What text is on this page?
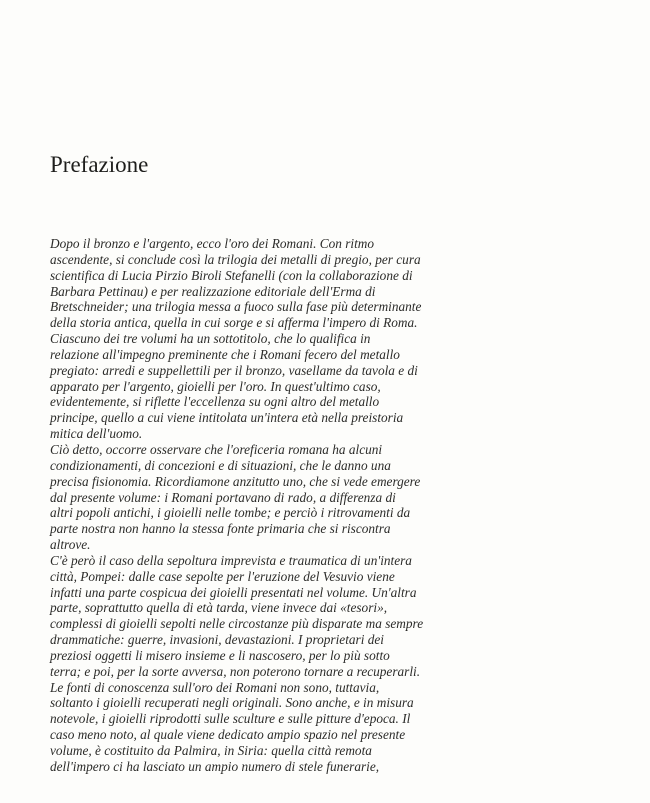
Prefazione
Dopo il bronzo e l'argento, ecco l'oro dei Romani. Con ritmo
ascendente, si conclude così la trilogia dei metalli di pregio, per cura
scientifica di Lucia Pirzio Biroli Stefanelli (con la collaborazione di
Barbara Pettinau) e per realizzazione editoriale dell'Erma di
Bretschneider; una trilogia messa a fuoco sulla fase più determinante
della storia antica, quella in cui sorge e si afferma l'impero di Roma.
Ciascuno dei tre volumi ha un sottotitolo, che lo qualifica in
relazione all'impegno preminente che i Romani fecero del metallo
pregiato: arredi e suppellettili per il bronzo, vasellame da tavola e di
apparato per l'argento, gioielli per l'oro. In quest'ultimo caso,
evidentemente, si riflette l'eccellenza su ogni altro del metallo
principe, quello a cui viene intitolata un'intera età nella preistoria
mitica dell'uomo.
Ciò detto, occorre osservare che l'oreficeria romana ha alcuni
condizionamenti, di concezioni e di situazioni, che le danno una
precisa fisionomia. Ricordiamone anzitutto uno, che si vede emergere
dal presente volume: i Romani portavano di rado, a differenza di
altri popoli antichi, i gioielli nelle tombe; e perciò i ritrovamenti da
parte nostra non hanno la stessa fonte primaria che si riscontra
altrove.
C'è però il caso della sepoltura imprevista e traumatica di un'intera
città, Pompei: dalle case sepolte per l'eruzione del Vesuvio viene
infatti una parte cospicua dei gioielli presentati nel volume. Un'altra
parte, soprattutto quella di età tarda, viene invece dai «tesori»,
complessi di gioielli sepolti nelle circostanze più disparate ma sempre
drammatiche: guerre, invasioni, devastazioni. I proprietari dei
preziosi oggetti li misero insieme e li nascosero, per lo più sotto
terra; e poi, per la sorte avversa, non poterono tornare a recuperarli.
Le fonti di conoscenza sull'oro dei Romani non sono, tuttavia,
soltanto i gioielli recuperati negli originali. Sono anche, e in misura
notevole, i gioielli riprodotti sulle sculture e sulle pitture d'epoca. Il
caso meno noto, al quale viene dedicato ampio spazio nel presente
volume, è costituito da Palmira, in Siria: quella città remota
dell'impero ci ha lasciato un ampio numero di stele funerarie,
